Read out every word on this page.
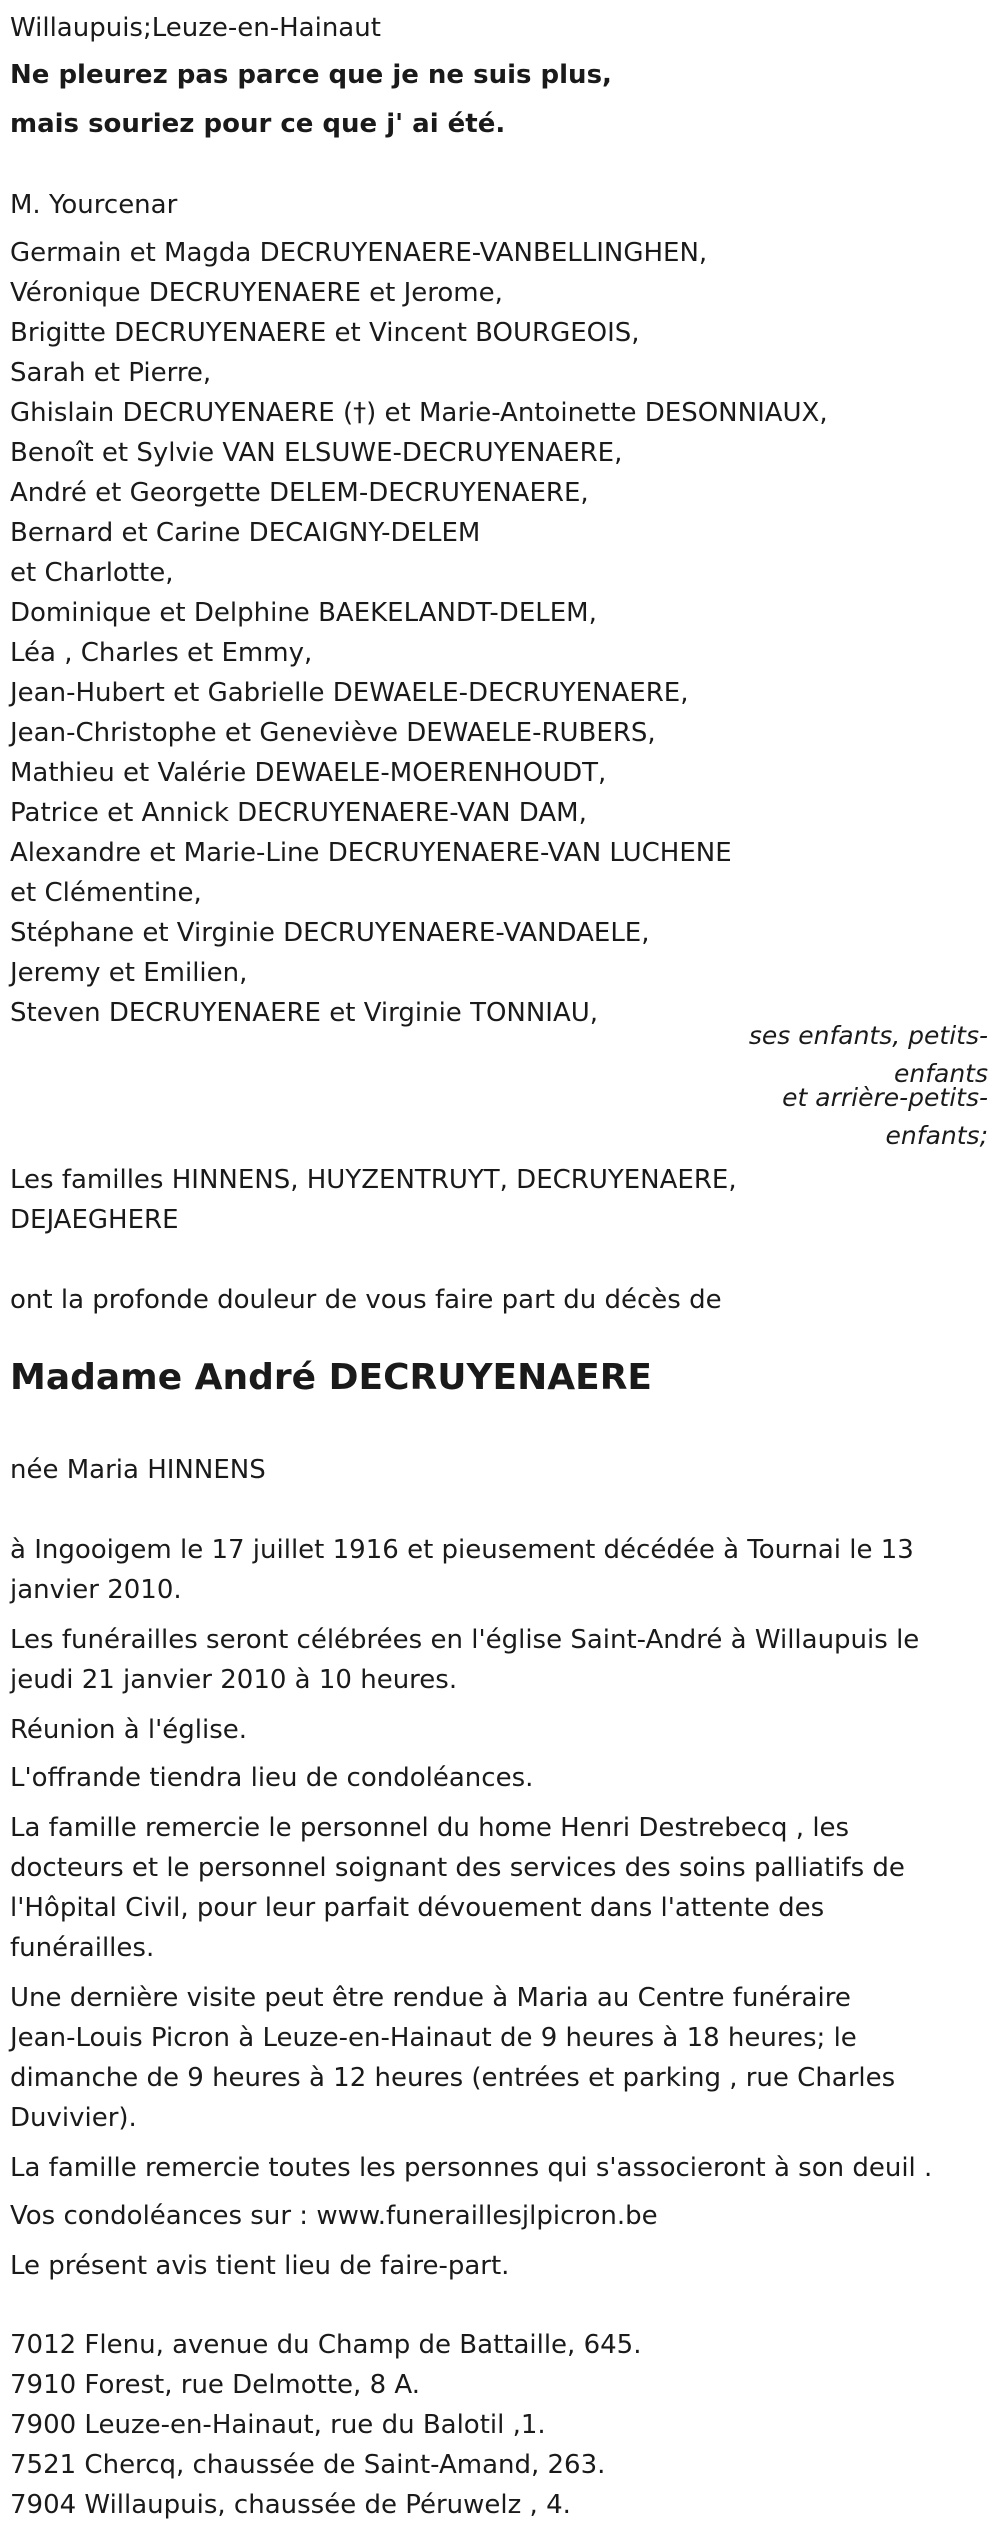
Willaupuis;Leuze-en-Hainaut
Ne pleurez pas parce que je ne suis plus,
mais souriez pour ce que j' ai été.
M. Yourcenar
Germain et Magda DECRUYENAERE-VANBELLINGHEN,
Véronique DECRUYENAERE et Jerome,
Brigitte DECRUYENAERE et Vincent BOURGEOIS,
Sarah et Pierre,
Ghislain DECRUYENAERE (†) et Marie-Antoinette DESONNIAUX,
Benoît et Sylvie VAN ELSUWE-DECRUYENAERE,
André et Georgette DELEM-DECRUYENAERE,
Bernard et Carine DECAIGNY-DELEM
et Charlotte,
Dominique et Delphine BAEKELANDT-DELEM,
Léa , Charles et Emmy,
Jean-Hubert et Gabrielle DEWAELE-DECRUYENAERE,
Jean-Christophe et Geneviève DEWAELE-RUBERS,
Mathieu et Valérie DEWAELE-MOERENHOUDT,
Patrice et Annick DECRUYENAERE-VAN DAM,
Alexandre et Marie-Line DECRUYENAERE-VAN LUCHENE
et Clémentine,
Stéphane et Virginie DECRUYENAERE-VANDAELE,
Jeremy et Emilien,
Steven DECRUYENAERE et Virginie TONNIAU,
ses enfants, petits-
enfants
et arrière-petits-
enfants;
Les familles HINNENS, HUYZENTRUYT, DECRUYENAERE,
DEJAEGHERE
ont la profonde douleur de vous faire part du décès de
Madame André DECRUYENAERE
née Maria HINNENS
à Ingooigem le 17 juillet 1916 et pieusement décédée à Tournai le 13
janvier 2010.
Les funérailles seront célébrées en l'église Saint-André à Willaupuis le
jeudi 21 janvier 2010 à 10 heures.
Réunion à l'église.
L'offrande tiendra lieu de condoléances.
La famille remercie le personnel du home Henri Destrebecq , les
docteurs et le personnel soignant des services des soins palliatifs de
l'Hôpital Civil, pour leur parfait dévouement dans l'attente des
funérailles.
Une dernière visite peut être rendue à Maria au Centre funéraire
Jean-Louis Picron à Leuze-en-Hainaut de 9 heures à 18 heures; le
dimanche de 9 heures à 12 heures (entrées et parking , rue Charles
Duvivier).
La famille remercie toutes les personnes qui s'associeront à son deuil .
Vos condoléances sur : www.funeraillesjlpicron.be
Le présent avis tient lieu de faire-part.
7012 Flenu, avenue du Champ de Battaille, 645.
7910 Forest, rue Delmotte, 8 A.
7900 Leuze-en-Hainaut, rue du Balotil ,1.
7521 Chercq, chaussée de Saint-Amand, 263.
7904 Willaupuis, chaussée de Péruwelz , 4.
